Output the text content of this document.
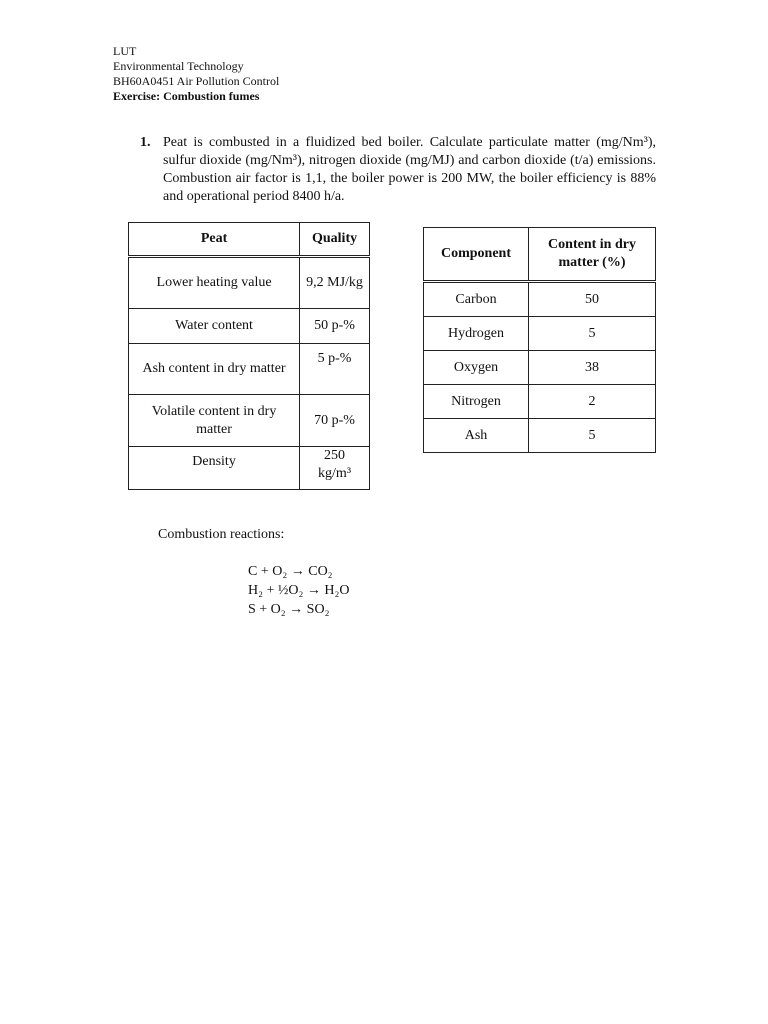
LUT
Environmental Technology
BH60A0451 Air Pollution Control
Exercise: Combustion fumes
1. Peat is combusted in a fluidized bed boiler. Calculate particulate matter (mg/Nm³), sulfur dioxide (mg/Nm³), nitrogen dioxide (mg/MJ) and carbon dioxide (t/a) emissions. Combustion air factor is 1,1, the boiler power is 200 MW, the boiler efficiency is 88% and operational period 8400 h/a.
Peat	Quality
Lower heating value	9,2 MJ/kg
Water content	50 p-%
Ash content in dry matter	5 p-%
Volatile content in dry matter	70 p-%
Density	250 kg/m³
Component	Content in dry matter (%)
Carbon	50
Hydrogen	5
Oxygen	38
Nitrogen	2
Ash	5
Combustion reactions:
C + O₂ → CO₂
H₂ + ½O₂ → H₂O
S + O₂ → SO₂
